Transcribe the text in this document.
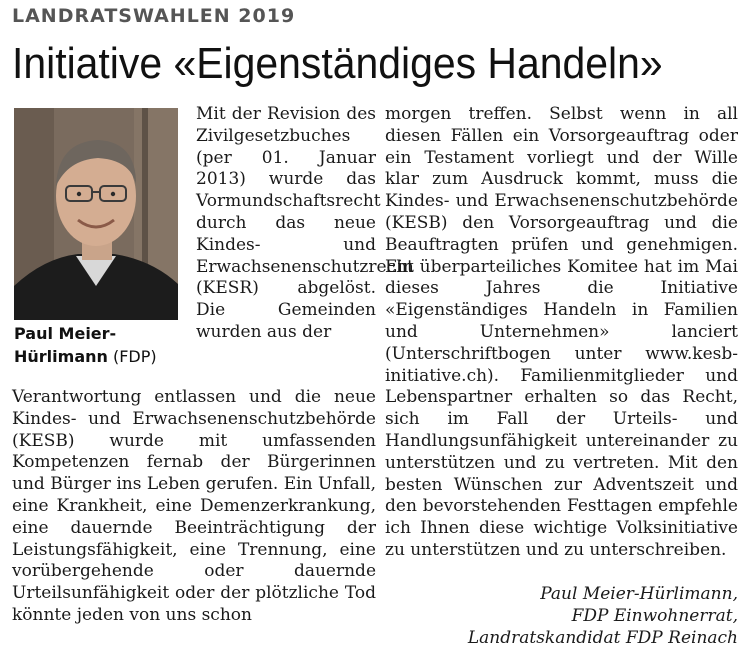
LANDRATSWAHLEN 2019
Initiative «Eigenständiges Handeln»
Paul Meier-
Hürlimann (FDP)
Mit der Revision des Zivilgesetzbuches (per 01. Januar 2013) wurde das Vormundschaftsrecht durch das neue Kindes- und Erwachsenenschutzrecht (KESR) abgelöst. Die Gemeinden wurden aus der
Verantwortung entlassen und die neue Kindes- und Erwachsenenschutzbehörde (KESB) wurde mit umfassenden Kompetenzen fernab der Bürgerinnen und Bürger ins Leben gerufen. Ein Unfall, eine Krankheit, eine Demenzerkrankung, eine dauernde Beeinträchtigung der Leistungsfähigkeit, eine Trennung, eine vorübergehende oder dauernde Urteilsunfähigkeit oder der plötzliche Tod könnte jeden von uns schon
morgen treffen. Selbst wenn in all diesen Fällen ein Vorsorgeauftrag oder ein Testament vorliegt und der Wille klar zum Ausdruck kommt, muss die Kindes- und Erwachsenenschutzbehörde (KESB) den Vorsorgeauftrag und die Beauftragten prüfen und genehmigen. Ein überparteiliches Komitee hat im Mai dieses Jahres die Initiative «Eigenständiges Handeln in Familien und Unternehmen» lanciert (Unterschriftbogen unter www.kesb-initiative.ch). Familienmitglieder und Lebenspartner erhalten so das Recht, sich im Fall der Urteils- und Handlungsunfähigkeit untereinander zu unterstützen und zu vertreten. Mit den besten Wünschen zur Adventszeit und den bevorstehenden Festtagen empfehle ich Ihnen diese wichtige Volksinitiative zu unterstützen und zu unterschreiben.
Paul Meier-Hürlimann,
FDP Einwohnerrat,
Landratskandidat FDP Reinach
